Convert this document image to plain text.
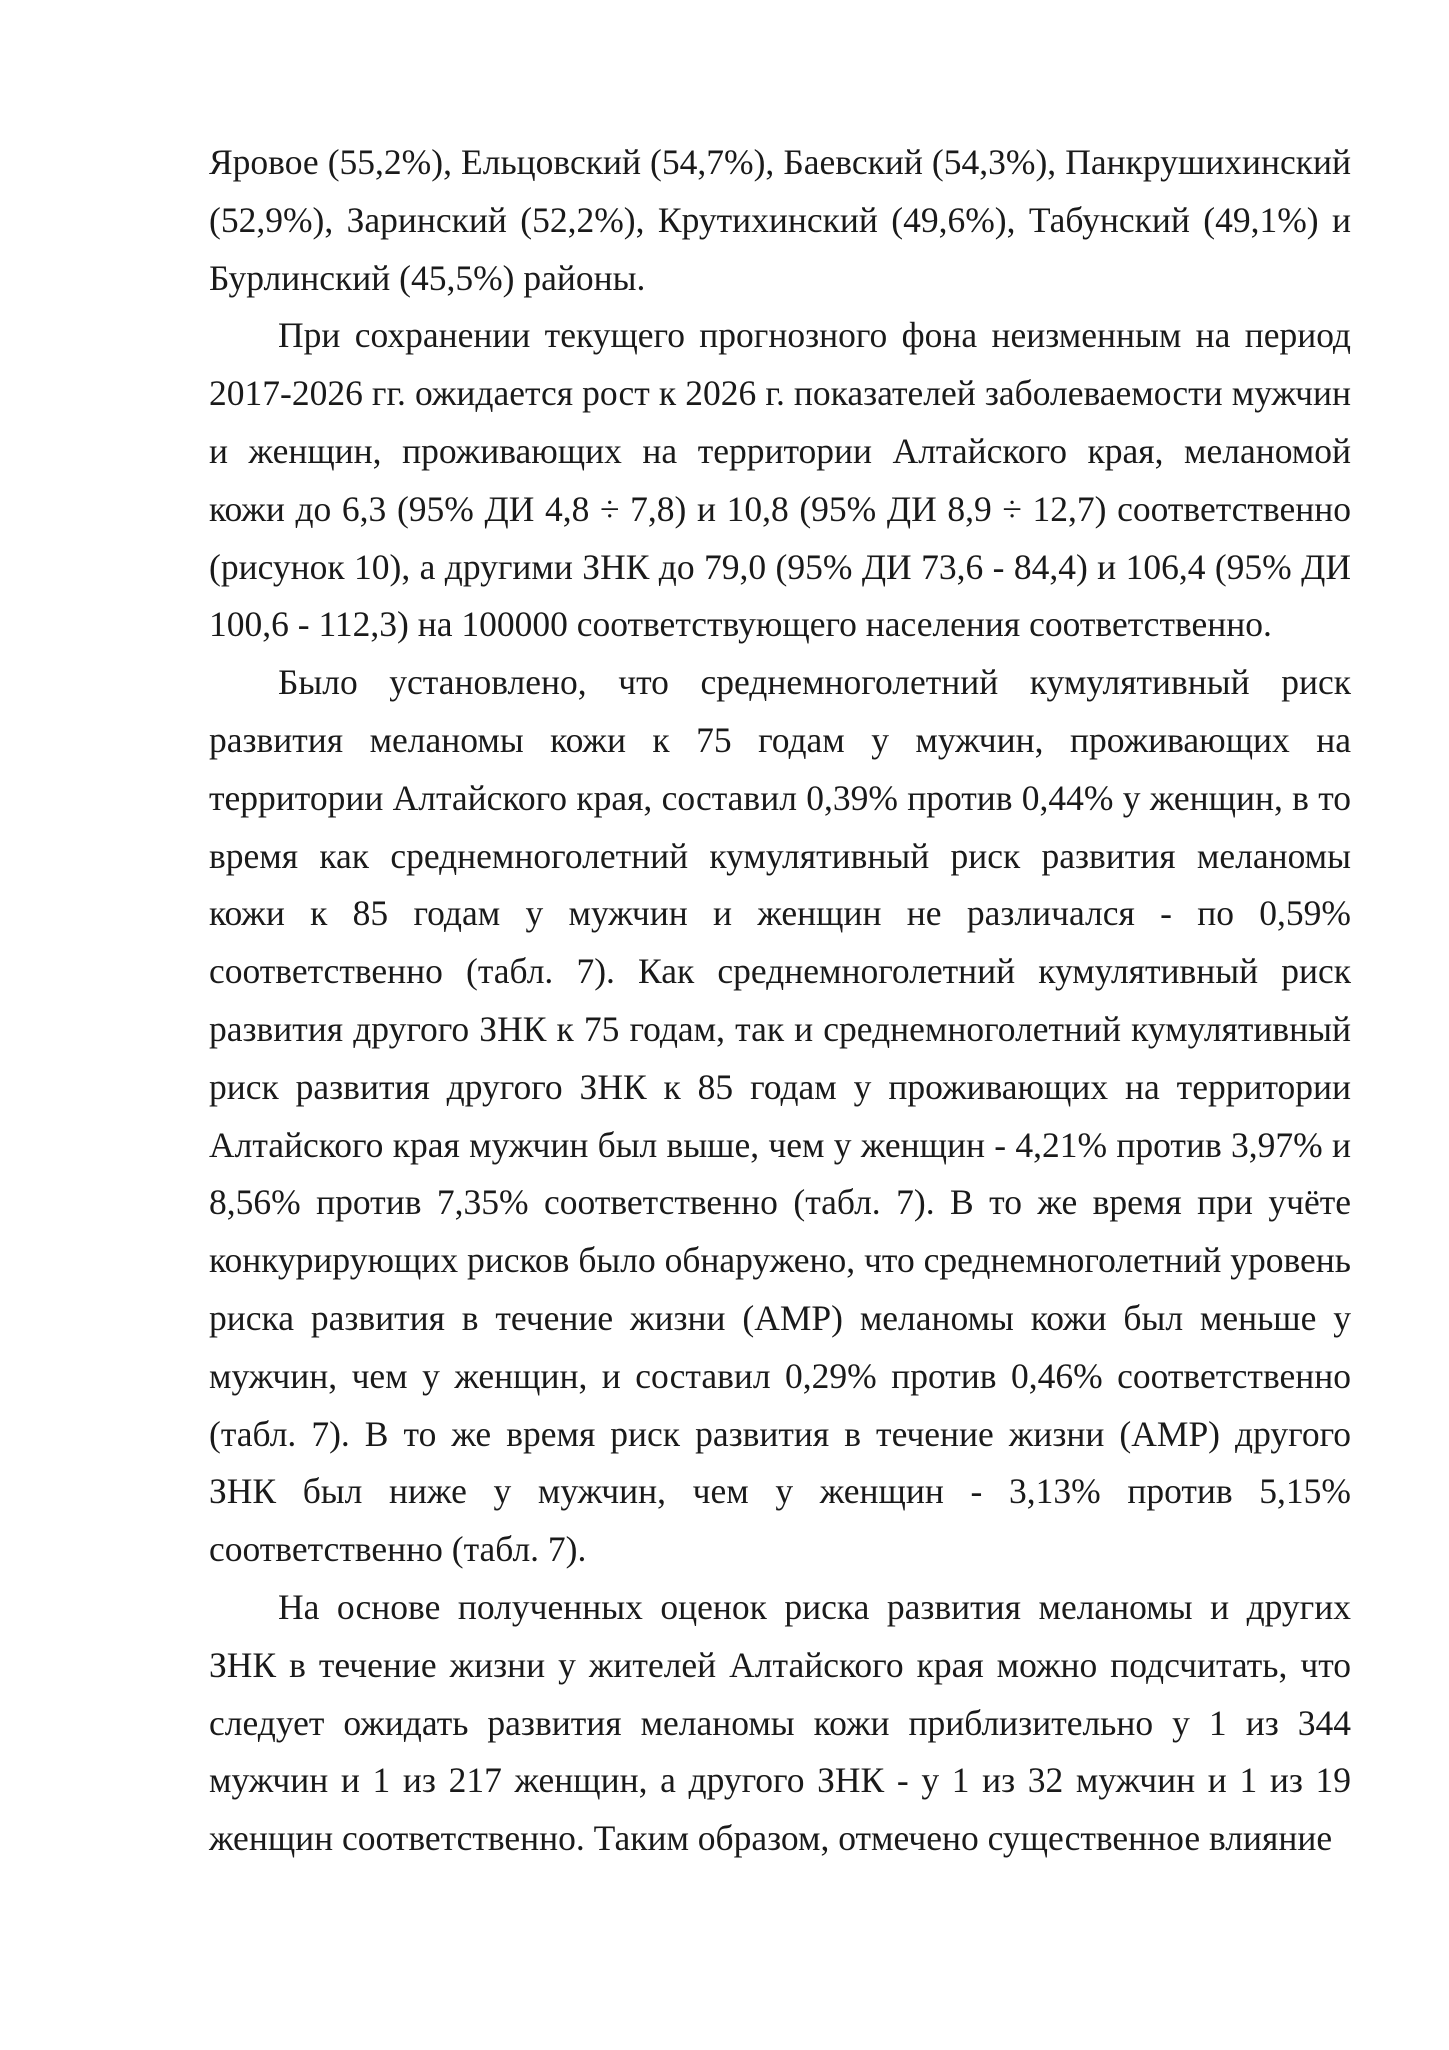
Яровое (55,2%), Ельцовский (54,7%), Баевский (54,3%), Панкрушихинский (52,9%), Заринский (52,2%), Крутихинский (49,6%), Табунский (49,1%) и Бурлинский (45,5%) районы.

При сохранении текущего прогнозного фона неизменным на период 2017-2026 гг. ожидается рост к 2026 г. показателей заболеваемости мужчин и женщин, проживающих на территории Алтайского края, меланомой кожи до 6,3 (95% ДИ 4,8 ÷ 7,8) и 10,8 (95% ДИ 8,9 ÷ 12,7) соответственно (рисунок 10), а другими ЗНК до 79,0 (95% ДИ 73,6 - 84,4) и 106,4 (95% ДИ 100,6 - 112,3) на 100000 соответствующего населения соответственно.

Было установлено, что среднемноголетний кумулятивный риск развития меланомы кожи к 75 годам у мужчин, проживающих на территории Алтайского края, составил 0,39% против 0,44% у женщин, в то время как среднемноголетний кумулятивный риск развития меланомы кожи к 85 годам у мужчин и женщин не различался - по 0,59% соответственно (табл. 7). Как среднемноголетний кумулятивный риск развития другого ЗНК к 75 годам, так и среднемноголетний кумулятивный риск развития другого ЗНК к 85 годам у проживающих на территории Алтайского края мужчин был выше, чем у женщин - 4,21% против 3,97% и 8,56% против 7,35% соответственно (табл. 7). В то же время при учёте конкурирующих рисков было обнаружено, что среднемноголетний уровень риска развития в течение жизни (AMP) меланомы кожи был меньше у мужчин, чем у женщин, и составил 0,29% против 0,46% соответственно (табл. 7). В то же время риск развития в течение жизни (AMP) другого ЗНК был ниже у мужчин, чем у женщин - 3,13% против 5,15% соответственно (табл. 7).

На основе полученных оценок риска развития меланомы и других ЗНК в течение жизни у жителей Алтайского края можно подсчитать, что следует ожидать развития меланомы кожи приблизительно у 1 из 344 мужчин и 1 из 217 женщин, а другого ЗНК - у 1 из 32 мужчин и 1 из 19 женщин соответственно. Таким образом, отмечено существенное влияние
